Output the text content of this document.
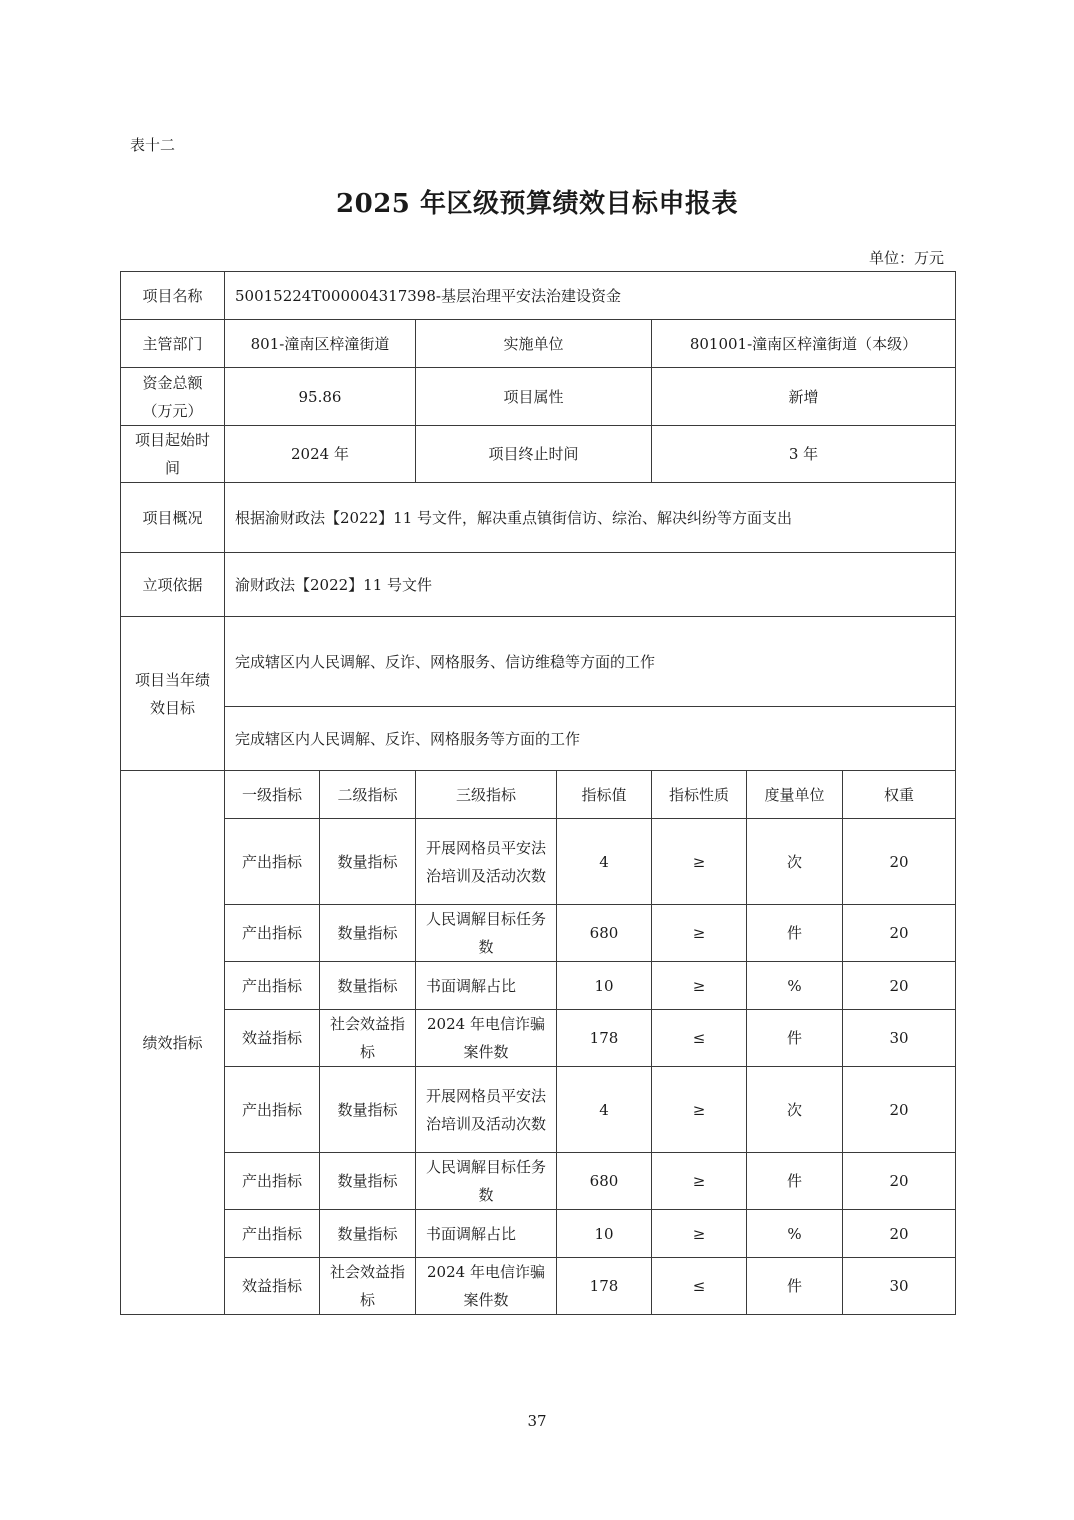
表十二
2025 年区级预算绩效目标申报表
单位：万元
项目名称	50015224T000004317398-基层治理平安法治建设资金						
主管部门	801-潼南区梓潼街道		实施单位		801001-潼南区梓潼街道（本级）		

资金总额
（万元）	95.86		项目属性		新增		

项目起始时
间	2024 年		项目终止时间		3 年		
项目概况	根据渝财政法【2022】11 号文件，解决重点镇街信访、综治、解决纠纷等方面支出						
立项依据	渝财政法【2022】11 号文件						

项目当年绩
效目标	完成辖区内人民调解、反诈、网格服务、信访维稳等方面的工作						
	完成辖区内人民调解、反诈、网格服务等方面的工作						
绩效指标	一级指标	二级指标	三级指标	指标值	指标性质	度量单位	权重
	产出指标	数量指标	开展网格员平安法治培训及活动次数	4	≥	次	20
	产出指标	数量指标	人民调解目标任务数	680	≥	件	20
	产出指标	数量指标	书面调解占比	10	≥	%	20
	效益指标	社会效益指标	2024 年电信诈骗案件数	178	≤	件	30
	产出指标	数量指标	开展网格员平安法治培训及活动次数	4	≥	次	20
	产出指标	数量指标	人民调解目标任务数	680	≥	件	20
	产出指标	数量指标	书面调解占比	10	≥	%	20
	效益指标	社会效益指标	2024 年电信诈骗案件数	178	≤	件	30
37
